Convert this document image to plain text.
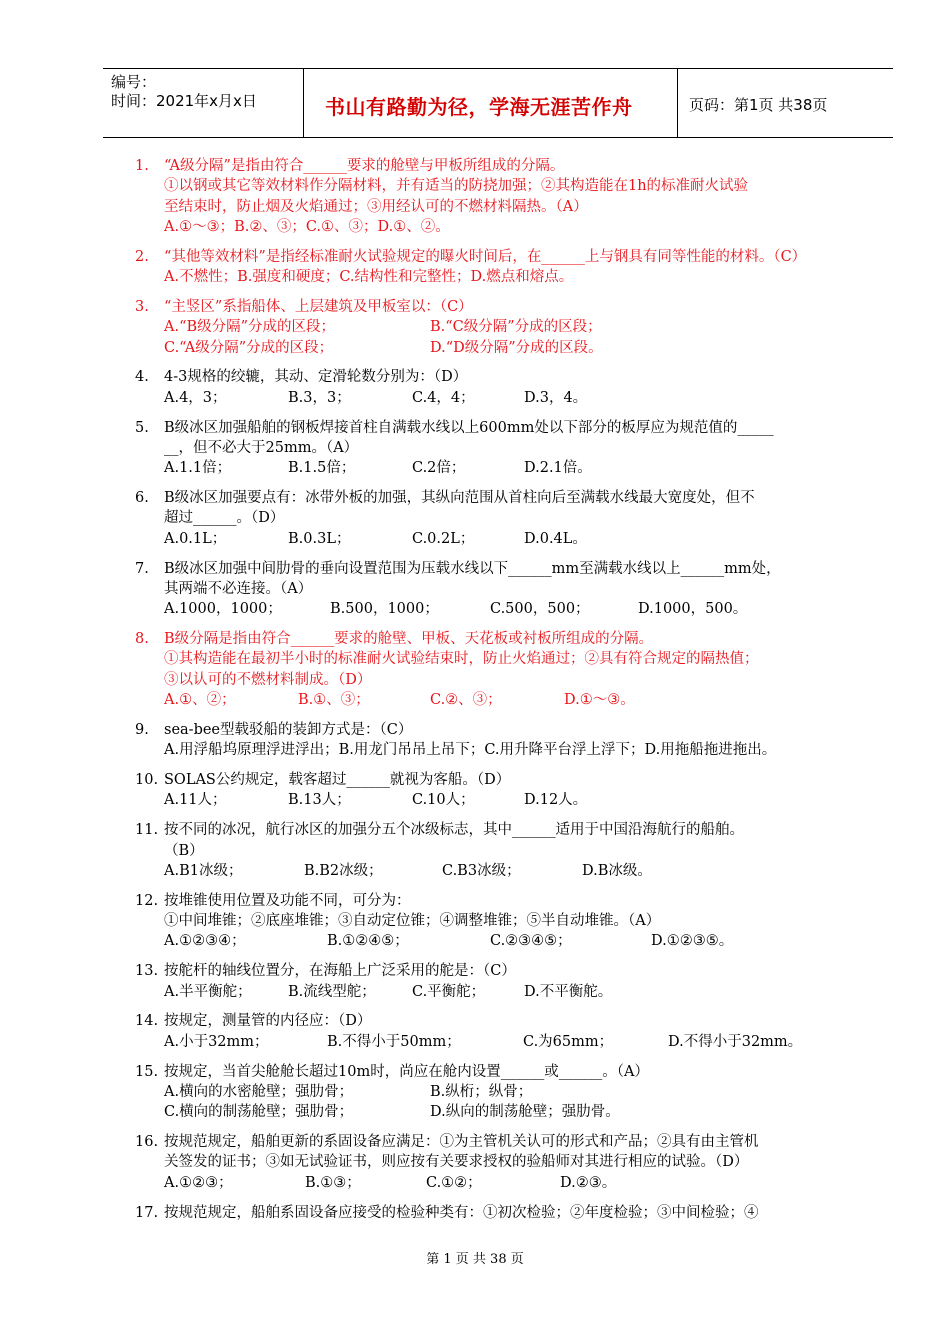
编号：
时间：2021年x月x日	书山有路勤为径，学海无涯苦作舟	页码：第1页 共38页
1. “A级分隔”是指由符合______要求的舱壁与甲板所组成的分隔。
①以钢或其它等效材料作分隔材料，并有适当的防挠加强；②其构造能在1h的标准耐火试验
至结束时，防止烟及火焰通过；③用经认可的不燃材料隔热。（A）
A.①～③；B.②、③；C.①、③；D.①、②。
2. “其他等效材料”是指经标准耐火试验规定的曝火时间后，在______上与钢具有同等性能的材料。（C）
A.不燃性；B.强度和硬度；C.结构性和完整性；D.燃点和熔点。
3. “主竖区”系指船体、上层建筑及甲板室以：（C）
A.“B级分隔”分成的区段；	B.“C级分隔”分成的区段；
C.“A级分隔”分成的区段；	D.“D级分隔”分成的区段。
4. 4-3规格的绞辘，其动、定滑轮数分别为：（D）
A.4，3；	B.3，3；	C.4，4；	D.3，4。
5. B级冰区加强船舶的钢板焊接首柱自满载水线以上600mm处以下部分的板厚应为规范值的_____
__，但不必大于25mm。（A）
A.1.1倍；	B.1.5倍；	C.2倍；	D.2.1倍。
6. B级冰区加强要点有：冰带外板的加强，其纵向范围从首柱向后至满载水线最大宽度处，但不
超过______。（D）
A.0.1L；	B.0.3L；	C.0.2L；	D.0.4L。
7. B级冰区加强中间肋骨的垂向设置范围为压载水线以下______mm至满载水线以上______mm处，
其两端不必连接。（A）
A.1000，1000；	B.500，1000；	C.500，500；	D.1000，500。
8. B级分隔是指由符合______要求的舱壁、甲板、天花板或衬板所组成的分隔。
①其构造能在最初半小时的标准耐火试验结束时，防止火焰通过；②具有符合规定的隔热值；
③以认可的不燃材料制成。（D）
A.①、②；	B.①、③；	C.②、③；	D.①～③。
9. sea-bee型载驳船的装卸方式是：（C）
A.用浮船坞原理浮进浮出；B.用龙门吊吊上吊下；C.用升降平台浮上浮下；D.用拖船拖进拖出。
10. SOLAS公约规定，载客超过______就视为客船。（D）
A.11人；	B.13人；	C.10人；	D.12人。
11. 按不同的冰况，航行冰区的加强分五个冰级标志，其中______适用于中国沿海航行的船舶。
（B）
A.B1冰级；	B.B2冰级；	C.B3冰级；	D.B冰级。
12. 按堆锥使用位置及功能不同，可分为：
①中间堆锥；②底座堆锥；③自动定位锥；④调整堆锥；⑤半自动堆锥。（A）
A.①②③④；	B.①②④⑤；	C.②③④⑤；	D.①②③⑤。
13. 按舵杆的轴线位置分，在海船上广泛采用的舵是：（C）
A.半平衡舵；	B.流线型舵； C.平衡舵；	D.不平衡舵。
14. 按规定，测量管的内径应：（D）
A.小于32mm；	B.不得小于50mm；	C.为65mm；	D.不得小于32mm。
15. 按规定，当首尖舱舱长超过10m时，尚应在舱内设置______或______。（A）
A.横向的水密舱壁；强肋骨；	B.纵桁；纵骨；
C.横向的制荡舱壁；强肋骨；	D.纵向的制荡舱壁；强肋骨。
16. 按规范规定，船舶更新的系固设备应满足：①为主管机关认可的形式和产品；②具有由主管机
关签发的证书；③如无试验证书，则应按有关要求授权的验船师对其进行相应的试验。（D）
A.①②③；	B.①③；	C.①②；	D.②③。
17. 按规范规定，船舶系固设备应接受的检验种类有：①初次检验；②年度检验；③中间检验；④
第 1 页 共 38 页
